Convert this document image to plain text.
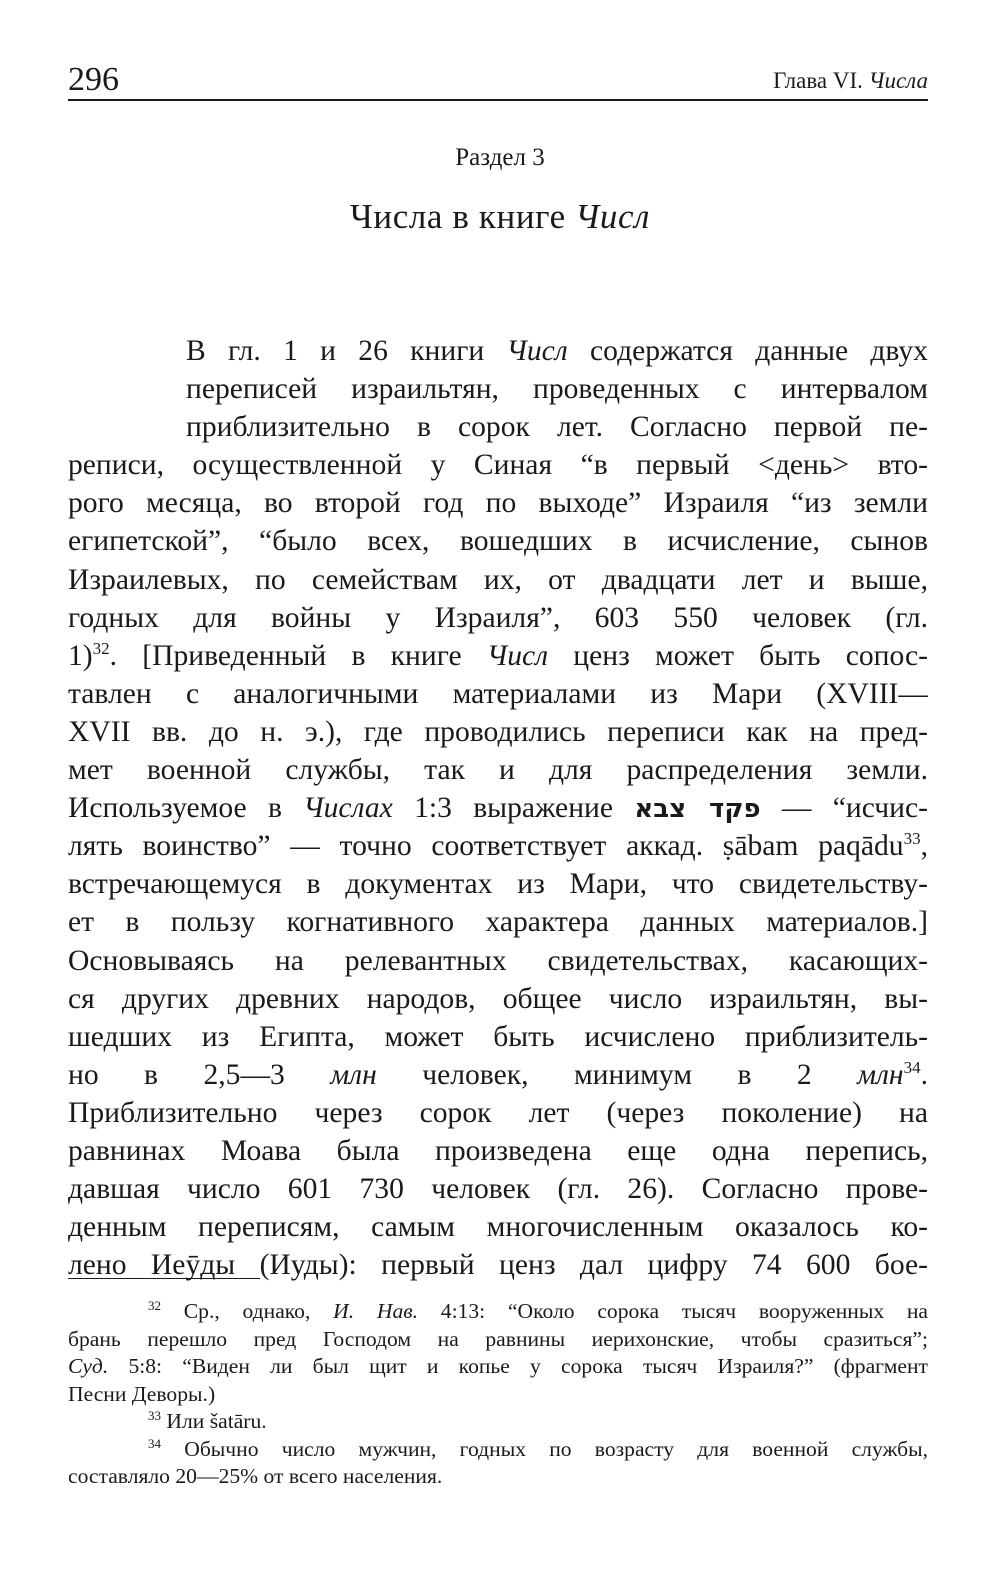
296	Глава VI. Числа
Раздел 3
Числа в книге Числ
В гл. 1 и 26 книги Числ содержатся данные двух
переписей израильтян, проведенных с интервалом
приблизительно в сорок лет. Согласно первой пе-
реписи, осуществленной у Синая “в первый <день> вто-
рого месяца, во второй год по выходе” Израиля “из земли
египетской”, “было всех, вошедших в исчисление, сынов
Израилевых, по семействам их, от двадцати лет и выше,
годных для войны у Израиля”, 603 550 человек (гл.
1)$^{32}$. [Приведенный в книге Числ ценз может быть сопос-
тавлен с аналогичными материалами из Мари (XVIII—
XVII вв. до н. э.), где проводились переписи как на пред-
мет военной службы, так и для распределения земли.
Используемое в Числах 1:3 выражение פקד צבא — “исчис-
лять воинство” — точно соответствует аккад. ṣābam paqādu$^{33}$,
встречающемуся в документах из Мари, что свидетельству-
ет в пользу когнативного характера данных материалов.]
Основываясь на релевантных свидетельствах, касающих-
ся других древних народов, общее число израильтян, вы-
шедших из Египта, может быть исчислено приблизитель-
но в 2,5—3 млн человек, минимум в 2 млн$^{34}$.
Приблизительно через сорок лет (через поколение) на
равнинах Моава была произведена еще одна перепись,
давшая число 601 730 человек (гл. 26). Согласно прове-
денным переписям, самым многочисленным оказалось ко-
лено Иеӯды (Иуды): первый ценз дал цифру 74 600 бое-
$^{32}$ Ср., однако, И. Нав. 4:13: “Около сорока тысяч вооруженных на
брань перешло пред Господом на равнины иерихонские, чтобы сразиться”;
Суд. 5:8: “Виден ли был щит и копье у сорока тысяч Израиля?” (фрагмент
Песни Деворы.)
$^{33}$ Или šatāru.
$^{34}$ Обычно число мужчин, годных по возрасту для военной службы,
составляло 20—25% от всего населения.
